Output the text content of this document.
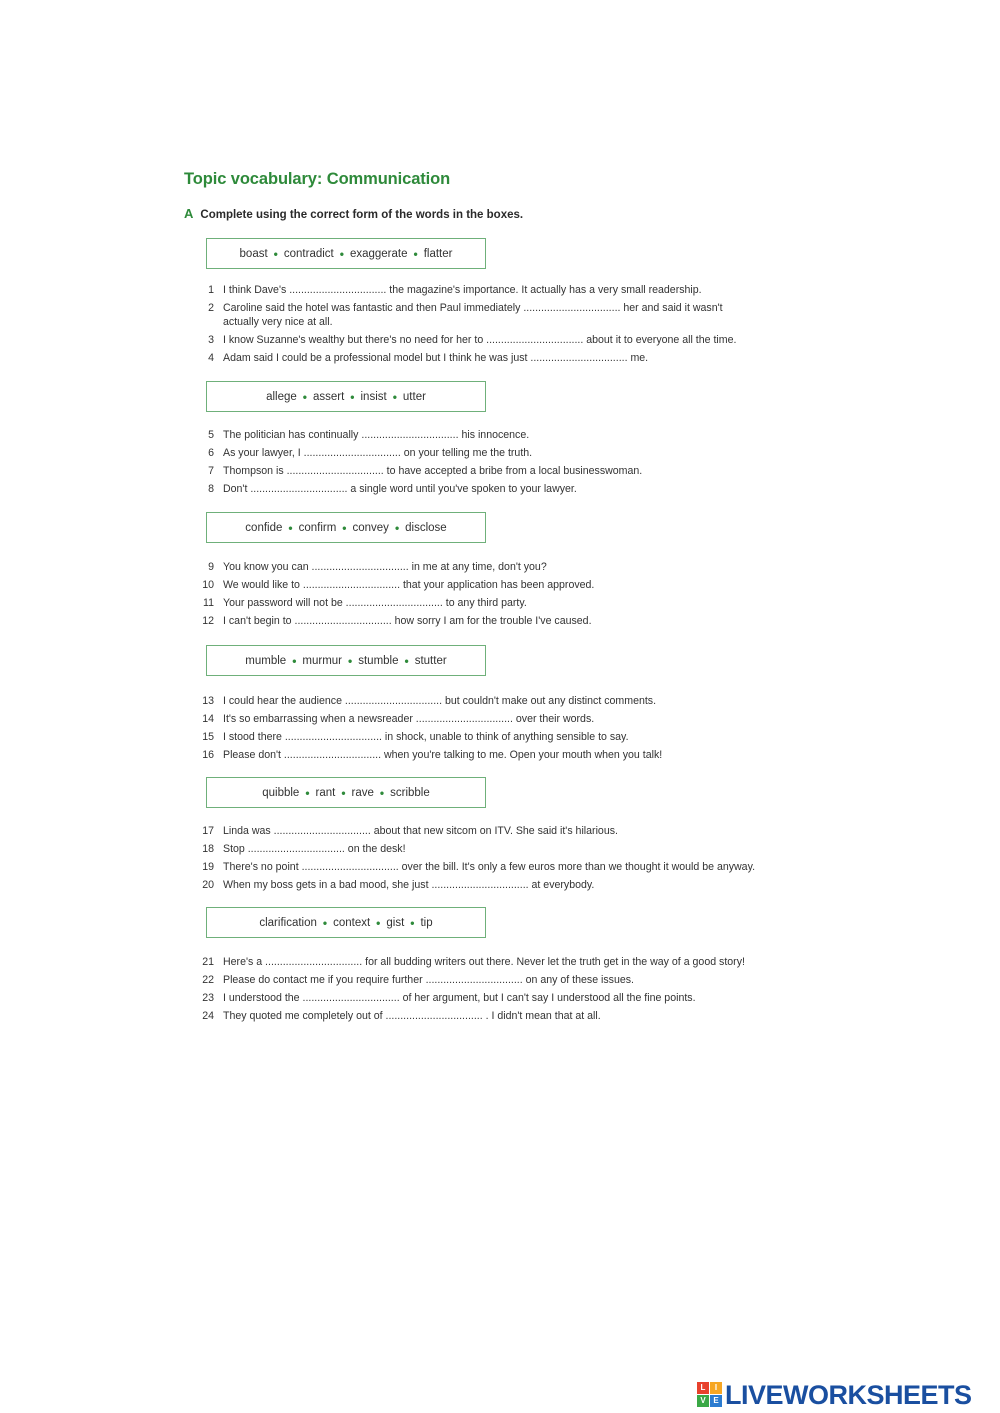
Topic vocabulary: Communication
A Complete using the correct form of the words in the boxes.
boast • contradict • exaggerate • flatter
1 I think Dave's ................................. the magazine's importance. It actually has a very small readership.
2 Caroline said the hotel was fantastic and then Paul immediately ................................. her and said it wasn't actually very nice at all.
3 I know Suzanne's wealthy but there's no need for her to ................................. about it to everyone all the time.
4 Adam said I could be a professional model but I think he was just ................................. me.
allege • assert • insist • utter
5 The politician has continually ................................. his innocence.
6 As your lawyer, I ................................. on your telling me the truth.
7 Thompson is ................................. to have accepted a bribe from a local businesswoman.
8 Don't ................................. a single word until you've spoken to your lawyer.
confide • confirm • convey • disclose
9 You know you can ................................. in me at any time, don't you?
10 We would like to ................................. that your application has been approved.
11 Your password will not be ................................. to any third party.
12 I can't begin to ................................. how sorry I am for the trouble I've caused.
mumble • murmur • stumble • stutter
13 I could hear the audience ................................. but couldn't make out any distinct comments.
14 It's so embarrassing when a newsreader ................................. over their words.
15 I stood there ................................. in shock, unable to think of anything sensible to say.
16 Please don't ................................. when you're talking to me. Open your mouth when you talk!
quibble • rant • rave • scribble
17 Linda was ................................. about that new sitcom on ITV. She said it's hilarious.
18 Stop ................................. on the desk!
19 There's no point ................................. over the bill. It's only a few euros more than we thought it would be anyway.
20 When my boss gets in a bad mood, she just ................................. at everybody.
clarification • context • gist • tip
21 Here's a ................................. for all budding writers out there. Never let the truth get in the way of a good story!
22 Please do contact me if you require further ................................. on any of these issues.
23 I understood the ................................. of her argument, but I can't say I understood all the fine points.
24 They quoted me completely out of ................................. . I didn't mean that at all.
L	I
V E LIVEWORKSHEETS
